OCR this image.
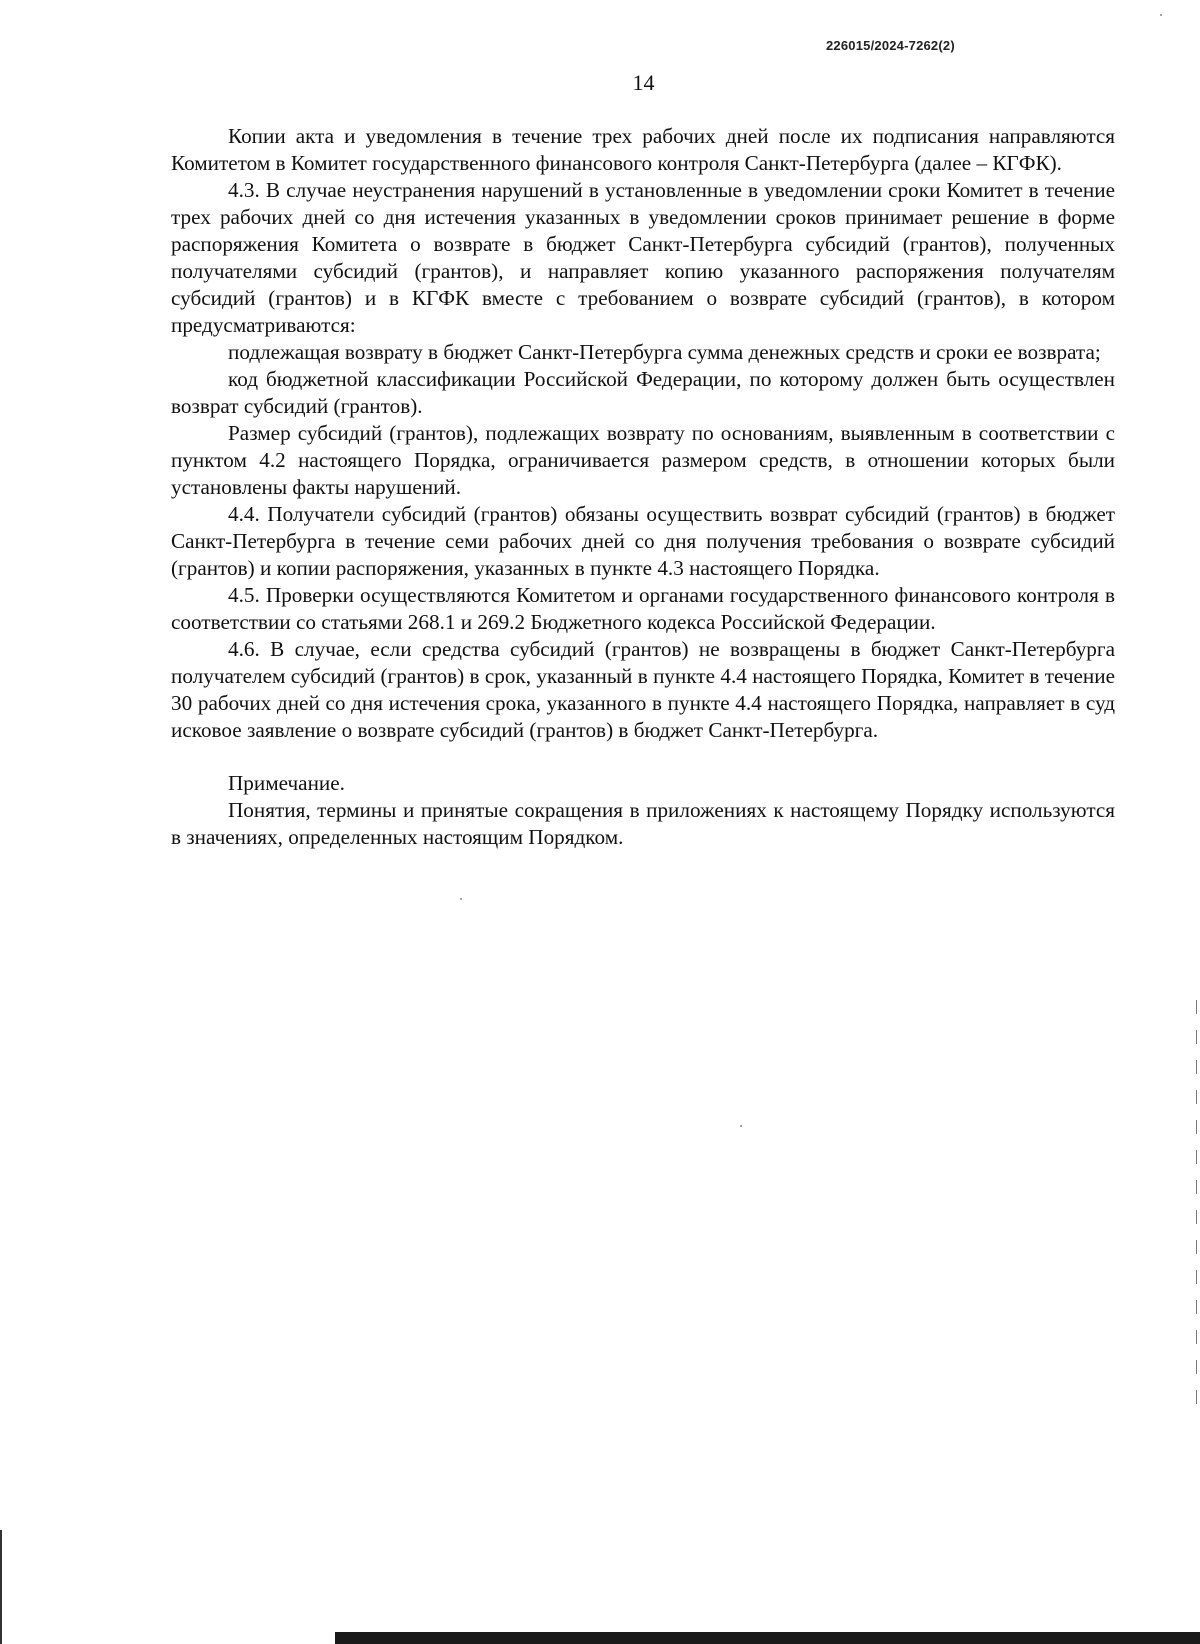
226015/2024-7262(2)
14

Копии акта и уведомления в течение трех рабочих дней после их подписания направляются Комитетом в Комитет государственного финансового контроля Санкт-Петербурга (далее – КГФК).

4.3. В случае неустранения нарушений в установленные в уведомлении сроки Комитет в течение трех рабочих дней со дня истечения указанных в уведомлении сроков принимает решение в форме распоряжения Комитета о возврате в бюджет Санкт-Петербурга субсидий (грантов), полученных получателями субсидий (грантов), и направляет копию указанного распоряжения получателям субсидий (грантов) и в КГФК вместе с требованием о возврате субсидий (грантов), в котором предусматриваются:

подлежащая возврату в бюджет Санкт-Петербурга сумма денежных средств и сроки ее возврата;

код бюджетной классификации Российской Федерации, по которому должен быть осуществлен возврат субсидий (грантов).

Размер субсидий (грантов), подлежащих возврату по основаниям, выявленным в соответствии с пунктом 4.2 настоящего Порядка, ограничивается размером средств, в отношении которых были установлены факты нарушений.

4.4. Получатели субсидий (грантов) обязаны осуществить возврат субсидий (грантов) в бюджет Санкт-Петербурга в течение семи рабочих дней со дня получения требования о возврате субсидий (грантов) и копии распоряжения, указанных в пункте 4.3 настоящего Порядка.

4.5. Проверки осуществляются Комитетом и органами государственного финансового контроля в соответствии со статьями 268.1 и 269.2 Бюджетного кодекса Российской Федерации.

4.6. В случае, если средства субсидий (грантов) не возвращены в бюджет Санкт-Петербурга получателем субсидий (грантов) в срок, указанный в пункте 4.4 настоящего Порядка, Комитет в течение 30 рабочих дней со дня истечения срока, указанного в пункте 4.4 настоящего Порядка, направляет в суд исковое заявление о возврате субсидий (грантов) в бюджет Санкт-Петербурга.

Примечание.

Понятия, термины и принятые сокращения в приложениях к настоящему Порядку используются в значениях, определенных настоящим Порядком.
